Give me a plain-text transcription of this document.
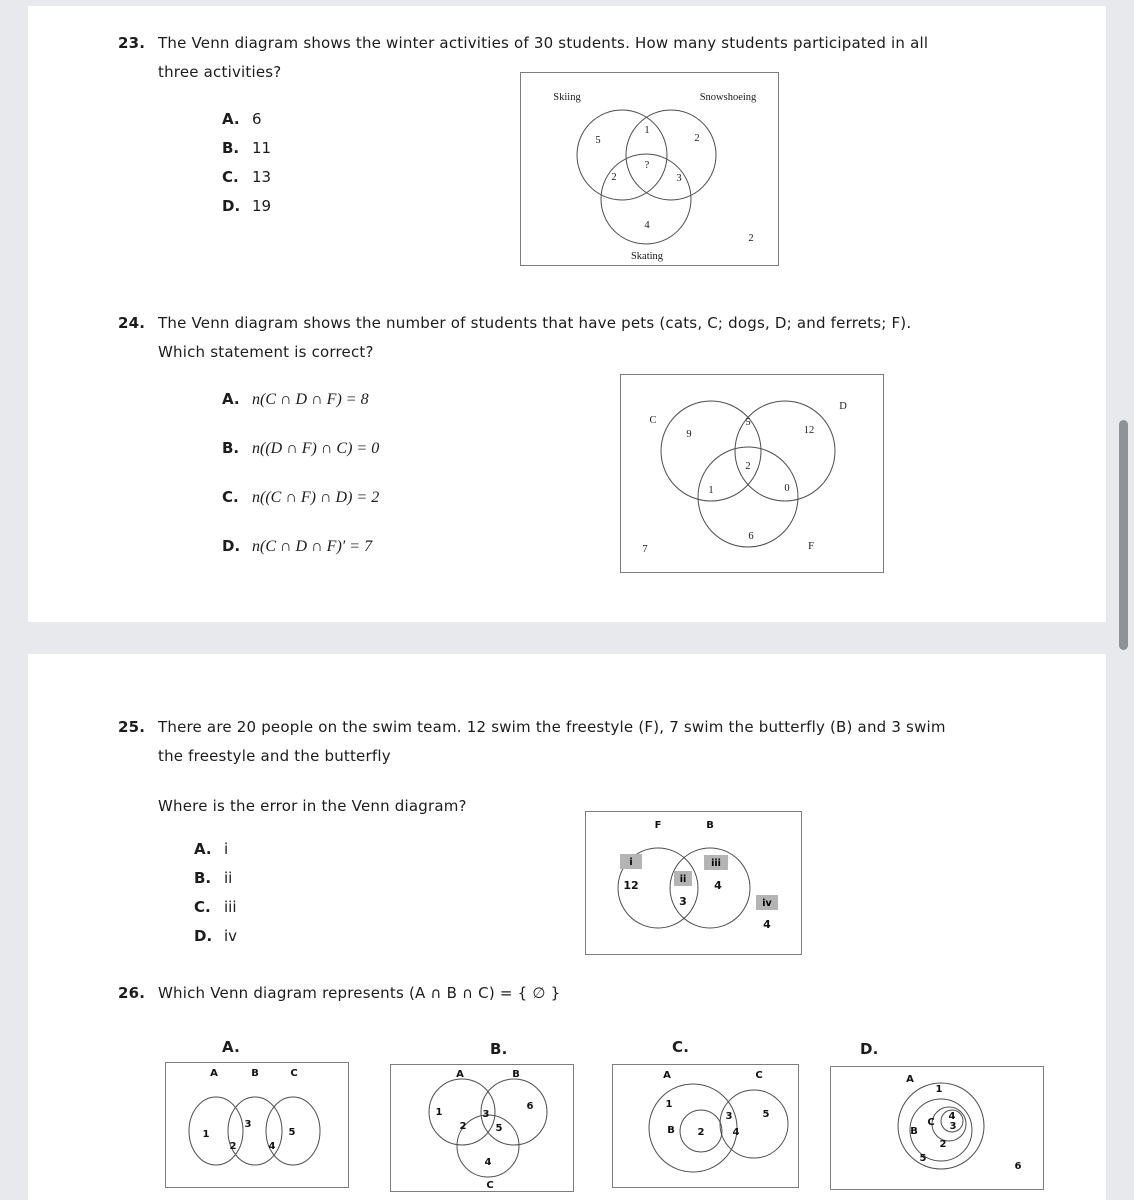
23. The Venn diagram shows the winter activities of 30 students. How many students participated in all
three activities?
A. 6
B. 11
C. 13
D. 19
Skiing	Snowshoeing
Skating
5
1
2
?
2	3
4
2
24. The Venn diagram shows the number of students that have pets (cats, C; dogs, D; and ferrets; F).
Which statement is correct?
A. n(C ∩ D ∩ F) = 8
B. n((D ∩ F) ∩ C) = 0
C. n((C ∩ F) ∩ D) = 2
D. n(C ∩ D ∩ F)′ = 7
C
D
F
9
5
12
2
1	0
6
7
25. There are 20 people on the swim team. 12 swim the freestyle (F), 7 swim the butterfly (B) and 3 swim
the freestyle and the butterfly
Where is the error in the Venn diagram?
A. i
B. ii
C. iii
D. iv
F	B
i
ii
iii
iv
12
3
4
4
26. Which Venn diagram represents (A ∩ B ∩ C) = { ∅ }
A.	B.	C.	D.
A	B	C
1
2
3
4
5
A	B
C
1
2
3
5
6
4
A	C
1
B 2
3
4
5
A
1
B
C
4
3
2
5
6
